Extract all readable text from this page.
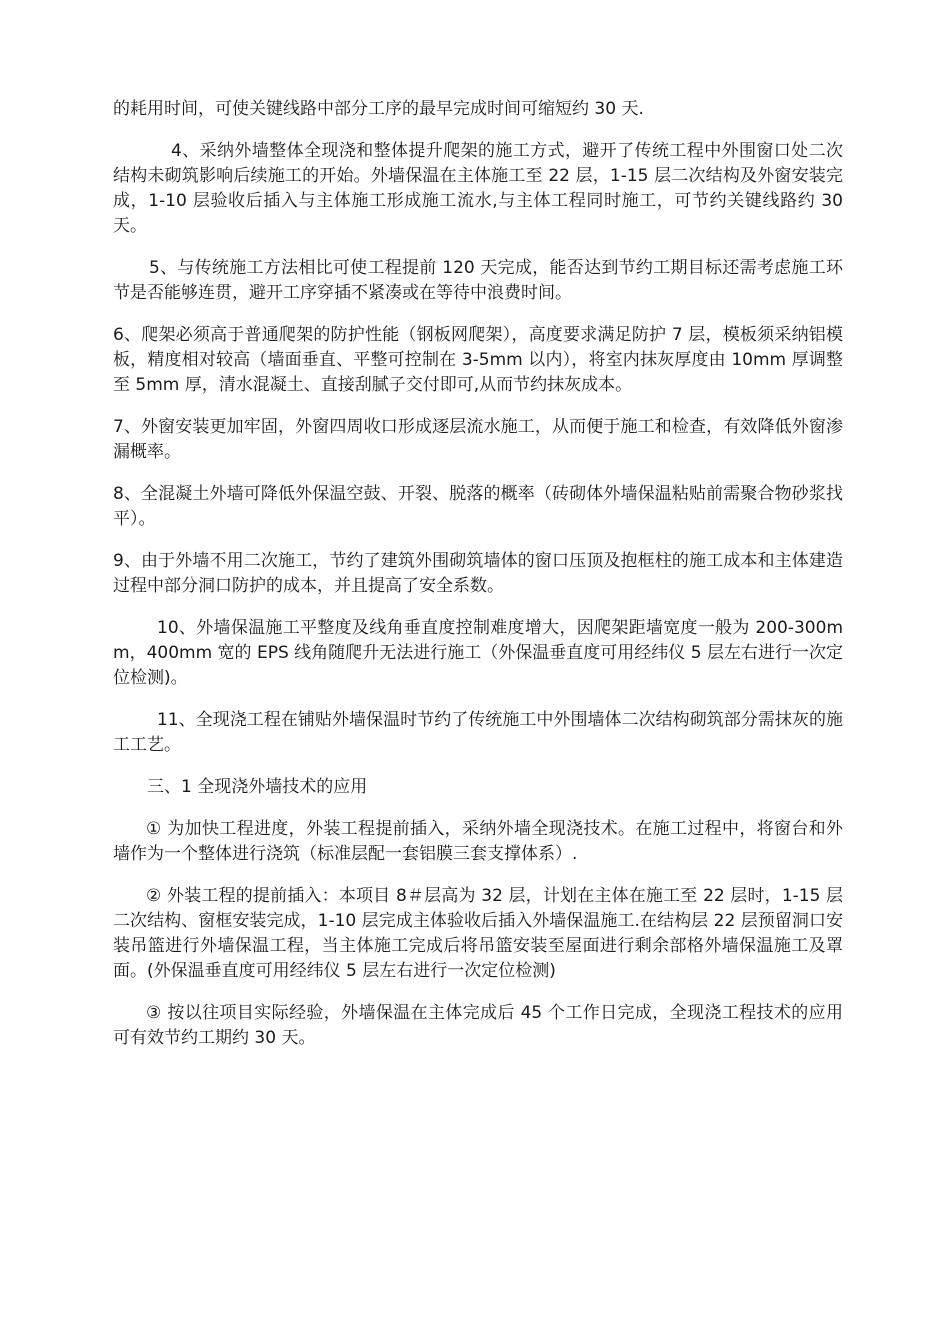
的耗用时间，可使关键线路中部分工序的最早完成时间可缩短约 30 天.

4、采纳外墙整体全现浇和整体提升爬架的施工方式，避开了传统工程中外围窗口处二次结构未砌筑影响后续施工的开始。外墙保温在主体施工至 22 层，1-15 层二次结构及外窗安装完成，1-10 层验收后插入与主体施工形成施工流水,与主体工程同时施工，可节约关键线路约 30 天。

5、与传统施工方法相比可使工程提前 120 天完成，能否达到节约工期目标还需考虑施工环节是否能够连贯，避开工序穿插不紧凑或在等待中浪费时间。

6、爬架必须高于普通爬架的防护性能（钢板网爬架），高度要求满足防护 7 层，模板须采纳铝模板，精度相对较高（墙面垂直、平整可控制在 3-5mm 以内），将室内抹灰厚度由 10mm 厚调整至 5mm 厚，清水混凝土、直接刮腻子交付即可,从而节约抹灰成本。

7、外窗安装更加牢固，外窗四周收口形成逐层流水施工，从而便于施工和检查，有效降低外窗渗漏概率。

8、全混凝土外墙可降低外保温空鼓、开裂、脱落的概率（砖砌体外墙保温粘贴前需聚合物砂浆找平）。

9、由于外墙不用二次施工，节约了建筑外围砌筑墙体的窗口压顶及抱框柱的施工成本和主体建造过程中部分洞口防护的成本，并且提高了安全系数。

10、外墙保温施工平整度及线角垂直度控制难度增大，因爬架距墙宽度一般为 200-300mm，400mm 宽的 EPS 线角随爬升无法进行施工（外保温垂直度可用经纬仪 5 层左右进行一次定位检测)。

11、全现浇工程在铺贴外墙保温时节约了传统施工中外围墙体二次结构砌筑部分需抹灰的施工工艺。

三、1 全现浇外墙技术的应用

① 为加快工程进度，外装工程提前插入，采纳外墙全现浇技术。在施工过程中，将窗台和外墙作为一个整体进行浇筑（标准层配一套铝膜三套支撑体系）.

② 外装工程的提前插入：本项目 8＃层高为 32 层，计划在主体在施工至 22 层时，1-15 层二次结构、窗框安装完成，1-10 层完成主体验收后插入外墙保温施工.在结构层 22 层预留洞口安装吊篮进行外墙保温工程，当主体施工完成后将吊篮安装至屋面进行剩余部格外墙保温施工及罩面。(外保温垂直度可用经纬仪 5 层左右进行一次定位检测)

③ 按以往项目实际经验，外墙保温在主体完成后 45 个工作日完成，全现浇工程技术的应用可有效节约工期约 30 天。
